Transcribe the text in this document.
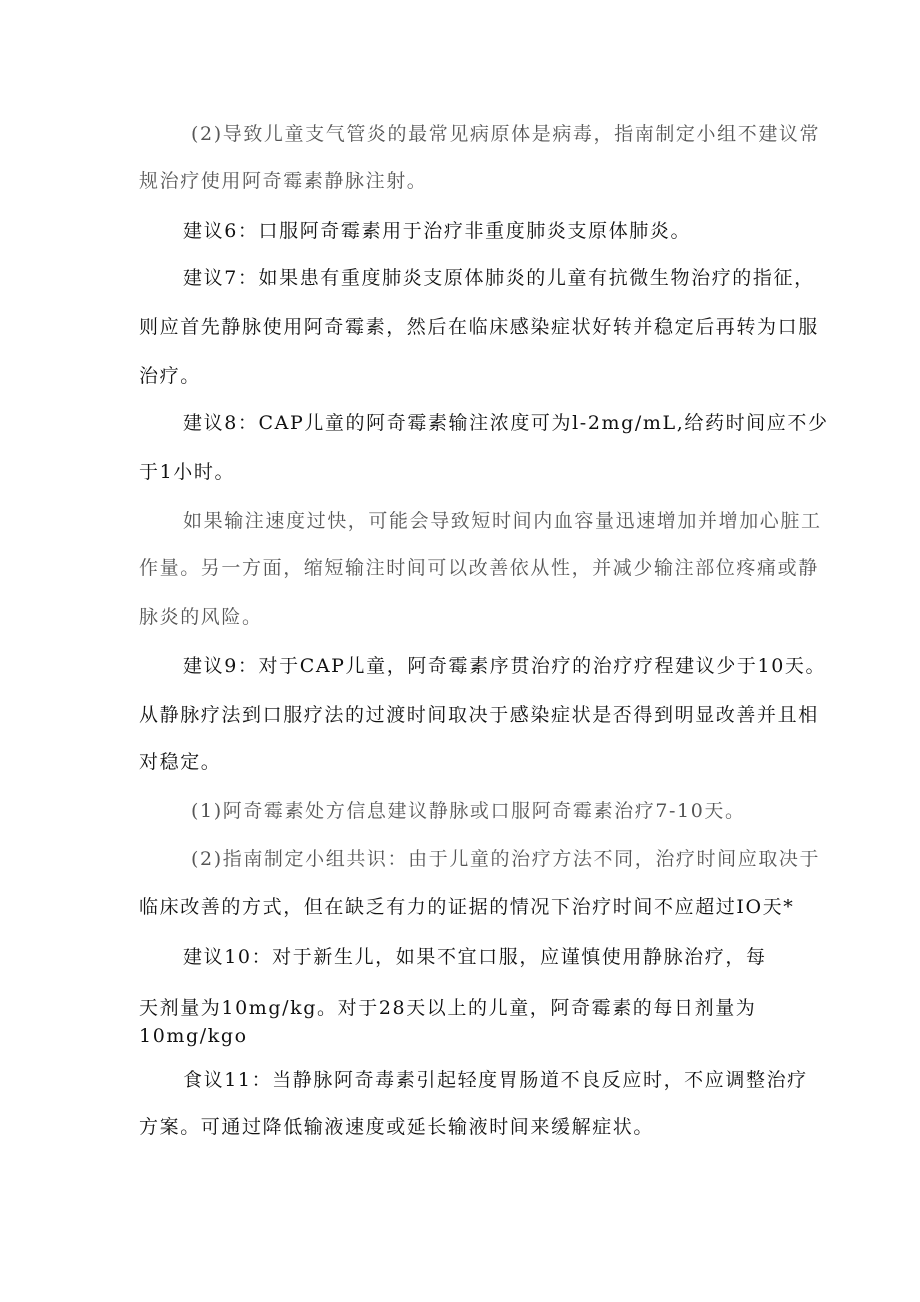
(2)导致儿童支气管炎的最常见病原体是病毒，指南制定小组不建议常
规治疗使用阿奇霉素静脉注射。
建议6：口服阿奇霉素用于治疗非重度肺炎支原体肺炎。
建议7：如果患有重度肺炎支原体肺炎的儿童有抗微生物治疗的指征，
则应首先静脉使用阿奇霉素，然后在临床感染症状好转并稳定后再转为口服
治疗。
建议8：CAP儿童的阿奇霉素输注浓度可为l-2mg/mL,给药时间应不少
于1小时。
如果输注速度过快，可能会导致短时间内血容量迅速增加并增加心脏工
作量。另一方面，缩短输注时间可以改善依从性，并减少输注部位疼痛或静
脉炎的风险。
建议9：对于CAP儿童，阿奇霉素序贯治疗的治疗疗程建议少于10天。
从静脉疗法到口服疗法的过渡时间取决于感染症状是否得到明显改善并且相
对稳定。
(1)阿奇霉素处方信息建议静脉或口服阿奇霉素治疗7-10天。
(2)指南制定小组共识：由于儿童的治疗方法不同，治疗时间应取决于
临床改善的方式，但在缺乏有力的证据的情况下治疗时间不应超过IO天*
建议10：对于新生儿，如果不宜口服，应谨慎使用静脉治疗，每
天剂量为10mg∕kg。对于28天以上的儿童，阿奇霉素的每日剂量为
10mg∕kgo
食议11：当静脉阿奇毒素引起轻度胃肠道不良反应时，不应调整治疗
方案。可通过降低输液速度或延长输液时间来缓解症状。
